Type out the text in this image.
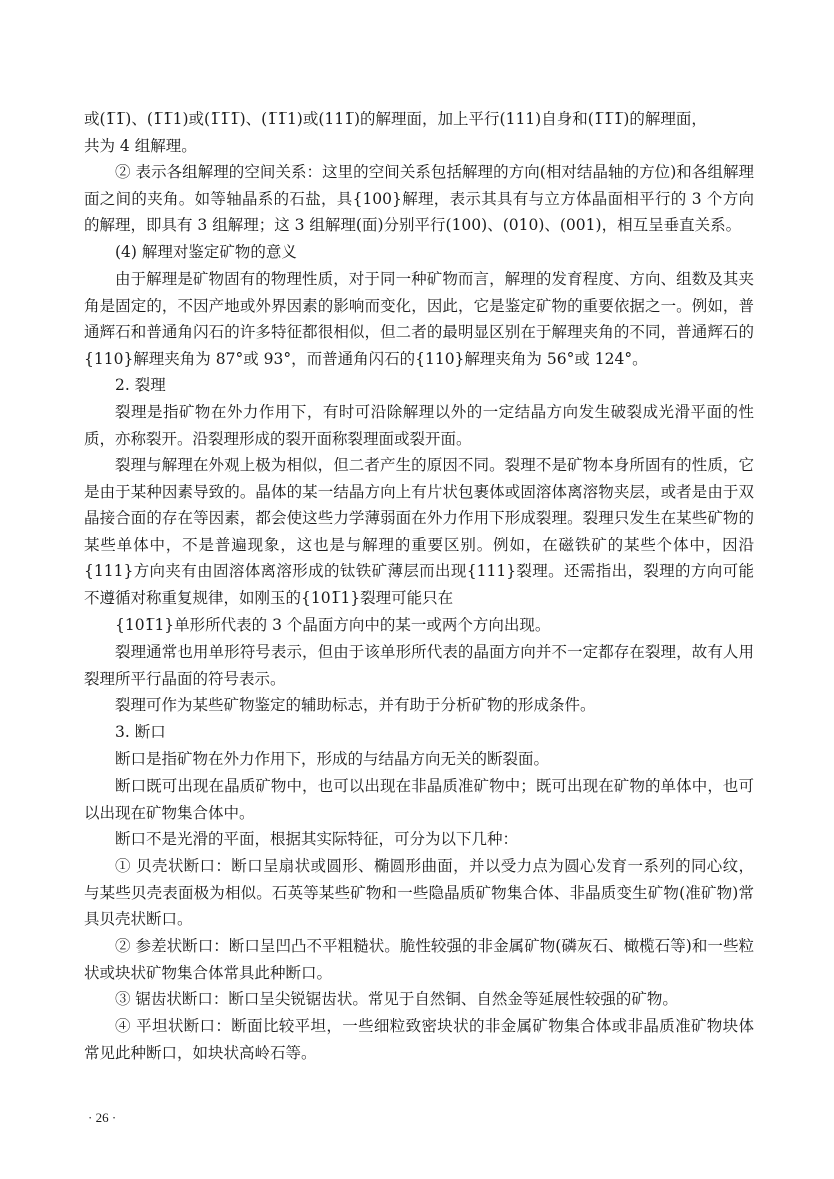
或(1̅1̅)、(1̅1̅1)或(1̅1̅1̅)、(1̅1̅1)或(111̅)的解理面，加上平行(111)自身和(1̅1̅1̅)的解理面，
共为 4 组解理。
② 表示各组解理的空间关系：这里的空间关系包括解理的方向(相对结晶轴的方位)和各组解理面之间的夹角。如等轴晶系的石盐，具{100}解理，表示其具有与立方体晶面相平行的 3 个方向的解理，即具有 3 组解理；这 3 组解理(面)分别平行(100)、(010)、(001)，相互呈垂直关系。
(4) 解理对鉴定矿物的意义
由于解理是矿物固有的物理性质，对于同一种矿物而言，解理的发育程度、方向、组数及其夹角是固定的，不因产地或外界因素的影响而变化，因此，它是鉴定矿物的重要依据之一。例如，普通辉石和普通角闪石的许多特征都很相似，但二者的最明显区别在于解理夹角的不同，普通辉石的{110}解理夹角为 87°或 93°，而普通角闪石的{110}解理夹角为 56°或 124°。
2. 裂理
裂理是指矿物在外力作用下，有时可沿除解理以外的一定结晶方向发生破裂成光滑平面的性质，亦称裂开。沿裂理形成的裂开面称裂理面或裂开面。
裂理与解理在外观上极为相似，但二者产生的原因不同。裂理不是矿物本身所固有的性质，它是由于某种因素导致的。晶体的某一结晶方向上有片状包裹体或固溶体离溶物夹层，或者是由于双晶接合面的存在等因素，都会使这些力学薄弱面在外力作用下形成裂理。裂理只发生在某些矿物的某些单体中，不是普遍现象，这也是与解理的重要区别。例如，在磁铁矿的某些个体中，因沿{111}方向夹有由固溶体离溶形成的钛铁矿薄层而出现{111}裂理。还需指出，裂理的方向可能不遵循对称重复规律，如刚玉的{101̅1}裂理可能只在
{101̅1}单形所代表的 3 个晶面方向中的某一或两个方向出现。
裂理通常也用单形符号表示，但由于该单形所代表的晶面方向并不一定都存在裂理，故有人用裂理所平行晶面的符号表示。
裂理可作为某些矿物鉴定的辅助标志，并有助于分析矿物的形成条件。
3. 断口
断口是指矿物在外力作用下，形成的与结晶方向无关的断裂面。
断口既可出现在晶质矿物中，也可以出现在非晶质准矿物中；既可出现在矿物的单体中，也可以出现在矿物集合体中。
断口不是光滑的平面，根据其实际特征，可分为以下几种：
① 贝壳状断口：断口呈扇状或圆形、椭圆形曲面，并以受力点为圆心发育一系列的同心纹，与某些贝壳表面极为相似。石英等某些矿物和一些隐晶质矿物集合体、非晶质变生矿物(准矿物)常具贝壳状断口。
② 参差状断口：断口呈凹凸不平粗糙状。脆性较强的非金属矿物(磷灰石、橄榄石等)和一些粒状或块状矿物集合体常具此种断口。
· 26 ·
③ 锯齿状断口：断口呈尖锐锯齿状。常见于自然铜、自然金等延展性较强的矿物。
④ 平坦状断口：断面比较平坦，一些细粒致密块状的非金属矿物集合体或非晶质准矿物块体常见此种断口，如块状高岭石等。
